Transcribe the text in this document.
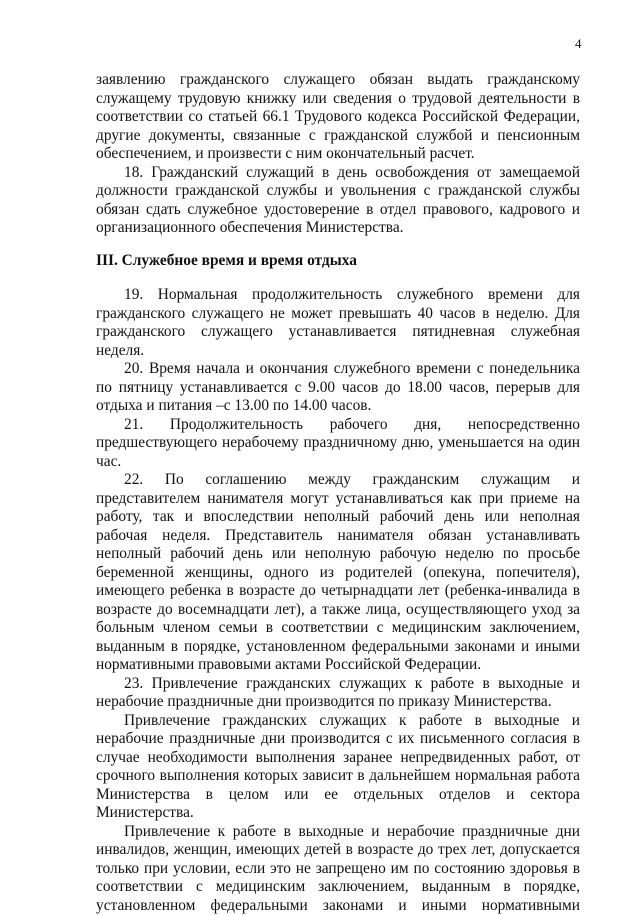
4

заявлению гражданского служащего обязан выдать гражданскому служащему трудовую книжку или сведения о трудовой деятельности в соответствии со статьей 66.1 Трудового кодекса Российской Федерации, другие документы, связанные с гражданской службой и пенсионным обеспечением, и произвести с ним окончательный расчет.

18. Гражданский служащий в день освобождения от замещаемой должности гражданской службы и увольнения с гражданской службы обязан сдать служебное удостоверение в отдел правового, кадрового и организационного обеспечения Министерства.

III. Служебное время и время отдыха

19. Нормальная продолжительность служебного времени для гражданского служащего не может превышать 40 часов в неделю. Для гражданского служащего устанавливается пятидневная служебная неделя.

20. Время начала и окончания служебного времени с понедельника по пятницу устанавливается с 9.00 часов до 18.00 часов, перерыв для отдыха и питания –с 13.00 по 14.00 часов.

21. Продолжительность рабочего дня, непосредственно предшествующего нерабочему праздничному дню, уменьшается на один час.

22. По соглашению между гражданским служащим и представителем нанимателя могут устанавливаться как при приеме на работу, так и впоследствии неполный рабочий день или неполная рабочая неделя. Представитель нанимателя обязан устанавливать неполный рабочий день или неполную рабочую неделю по просьбе беременной женщины, одного из родителей (опекуна, попечителя), имеющего ребенка в возрасте до четырнадцати лет (ребенка-инвалида в возрасте до восемнадцати лет), а также лица, осуществляющего уход за больным членом семьи в соответствии с медицинским заключением, выданным в порядке, установленном федеральными законами и иными нормативными правовыми актами Российской Федерации.

23. Привлечение гражданских служащих к работе в выходные и нерабочие праздничные дни производится по приказу Министерства.

Привлечение гражданских служащих к работе в выходные и нерабочие праздничные дни производится с их письменного согласия в случае необходимости выполнения заранее непредвиденных работ, от срочного выполнения которых зависит в дальнейшем нормальная работа Министерства в целом или ее отдельных отделов и сектора Министерства.

Привлечение к работе в выходные и нерабочие праздничные дни инвалидов, женщин, имеющих детей в возрасте до трех лет, допускается только при условии, если это не запрещено им по состоянию здоровья в соответствии с медицинским заключением, выданным в порядке, установленном федеральными законами и иными нормативными
